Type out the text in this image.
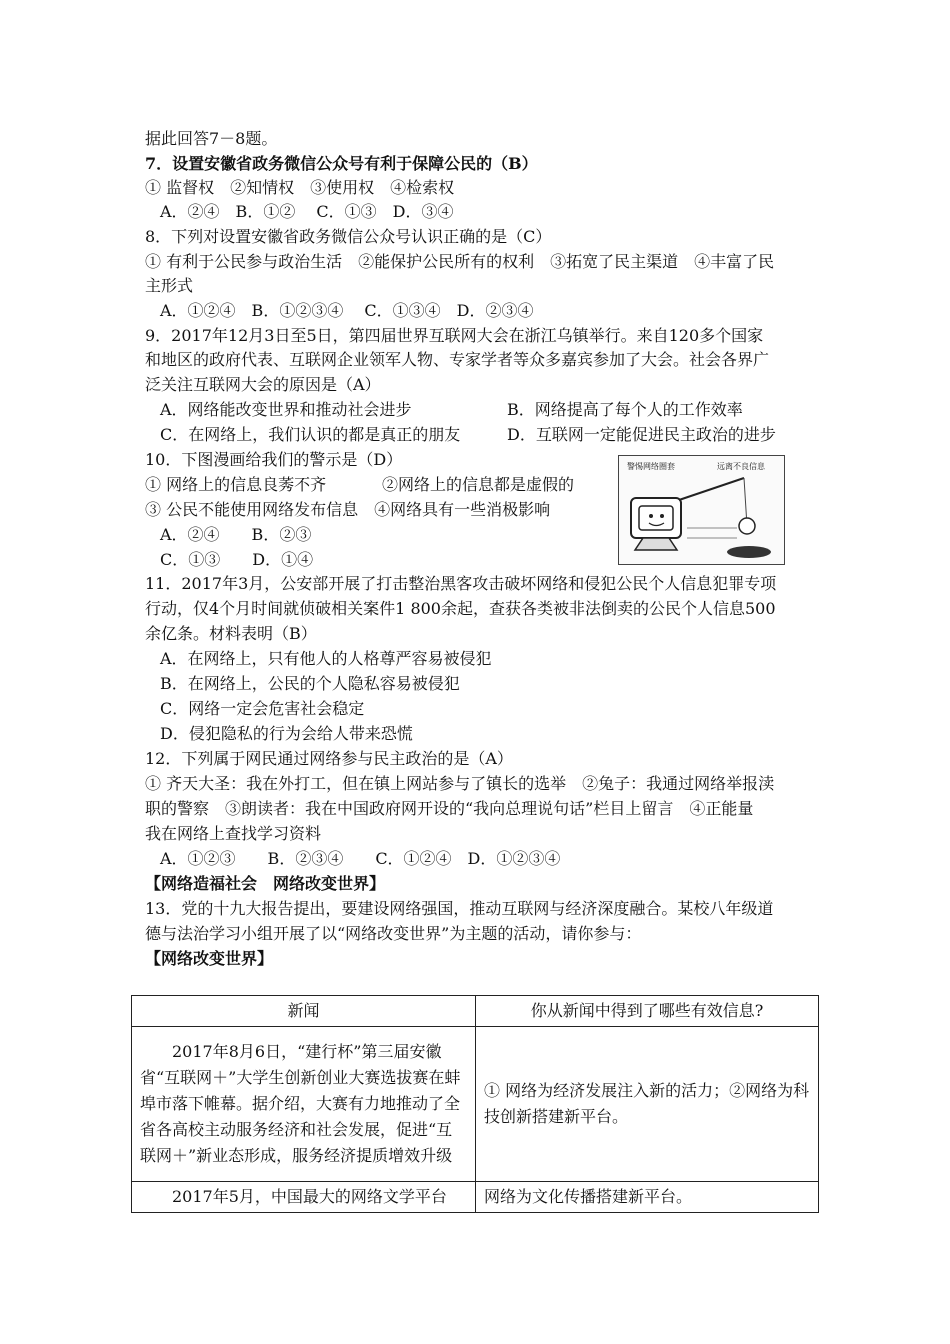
据此回答7－8题。
7．设置安徽省政务微信公众号有利于保障公民的（B）
① 监督权　②知情权　③使用权　④检索权
A．②④　B．①②　 C．①③　D．③④
8．下列对设置安徽省政务微信公众号认识正确的是（C）
① 有利于公民参与政治生活　②能保护公民所有的权利　③拓宽了民主渠道　④丰富了民
主形式
A．①②④　B．①②③④　 C．①③④　D．②③④
9．2017年12月3日至5日，第四届世界互联网大会在浙江乌镇举行。来自120多个国家
和地区的政府代表、互联网企业领军人物、专家学者等众多嘉宾参加了大会。社会各界广
泛关注互联网大会的原因是（A）
A．网络能改变世界和推动社会进步	B．网络提高了每个人的工作效率
C．在网络上，我们认识的都是真正的朋友	D．互联网一定能促进民主政治的进步
10．下图漫画给我们的警示是（D）
① 网络上的信息良莠不齐	②网络上的信息都是虚假的
③ 公民不能使用网络发布信息　④网络具有一些消极影响
A．②④　　B．②③
C．①③　　D．①④
警惕网络圈套	远离不良信息
11．2017年3月，公安部开展了打击整治黑客攻击破坏网络和侵犯公民个人信息犯罪专项
行动，仅4个月时间就侦破相关案件1 800余起，查获各类被非法倒卖的公民个人信息500
余亿条。材料表明（B）
A．在网络上，只有他人的人格尊严容易被侵犯
B．在网络上，公民的个人隐私容易被侵犯
C．网络一定会危害社会稳定
D．侵犯隐私的行为会给人带来恐慌
12．下列属于网民通过网络参与民主政治的是（A）
① 齐天大圣：我在外打工，但在镇上网站参与了镇长的选举　②兔子：我通过网络举报渎
职的警察　③朗读者：我在中国政府网开设的“我向总理说句话”栏目上留言　④正能量
我在网络上查找学习资料
A．①②③　　B．②③④　　C．①②④　D．①②③④
【网络造福社会　网络改变世界】
13．党的十九大报告提出，要建设网络强国，推动互联网与经济深度融合。某校八年级道
德与法治学习小组开展了以“网络改变世界”为主题的活动，请你参与：
【网络改变世界】
新闻	你从新闻中得到了哪些有效信息?
2017年8月6日，“建行杯”第三届安徽省“互联网＋”大学生创新创业大赛选拔赛在蚌埠市落下帷幕。据介绍，大赛有力地推动了全省各高校主动服务经济和社会发展，促进“互联网＋”新业态形成，服务经济提质增效升级	① 网络为经济发展注入新的活力；②网络为科技创新搭建新平台。
2017年5月，中国最大的网络文学平台	网络为文化传播搭建新平台。
